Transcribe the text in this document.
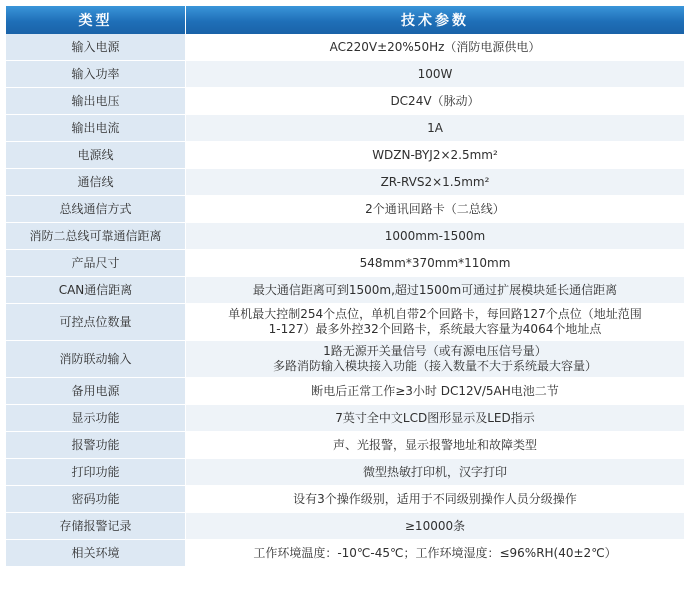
类型	技术参数
输入电源	AC220V±20%50Hz（消防电源供电）

输入功率	100W

输出电压	DC24V（脉动）

输出电流	1A

电源线	WDZN-BYJ2×2.5mm²

通信线	ZR-RVS2×1.5mm²

总线通信方式	2个通讯回路卡（二总线）

消防二总线可靠通信距离	1000mm-1500m

产品尺寸	548mm*370mm*110mm

CAN通信距离	最大通信距离可到1500m,超过1500m可通过扩展模块延长通信距离

可控点位数量	单机最大控制254个点位，单机自带2个回路卡，每回路127个点位（地址范围
1-127）最多外控32个回路卡，系统最大容量为4064个地址点

消防联动输入	1路无源开关量信号（或有源电压信号量）
多路消防输入模块接入功能（接入数量不大于系统最大容量）

备用电源	断电后正常工作≥3小时 DC12V/5AH电池二节

显示功能	7英寸全中文LCD图形显示及LED指示

报警功能	声、光报警，显示报警地址和故障类型

打印功能	微型热敏打印机，汉字打印

密码功能	设有3个操作级别，适用于不同级别操作人员分级操作

存储报警记录	≥10000条

相关环境	工作环境温度：-10℃-45℃；工作环境湿度：≤96%RH(40±2℃）
